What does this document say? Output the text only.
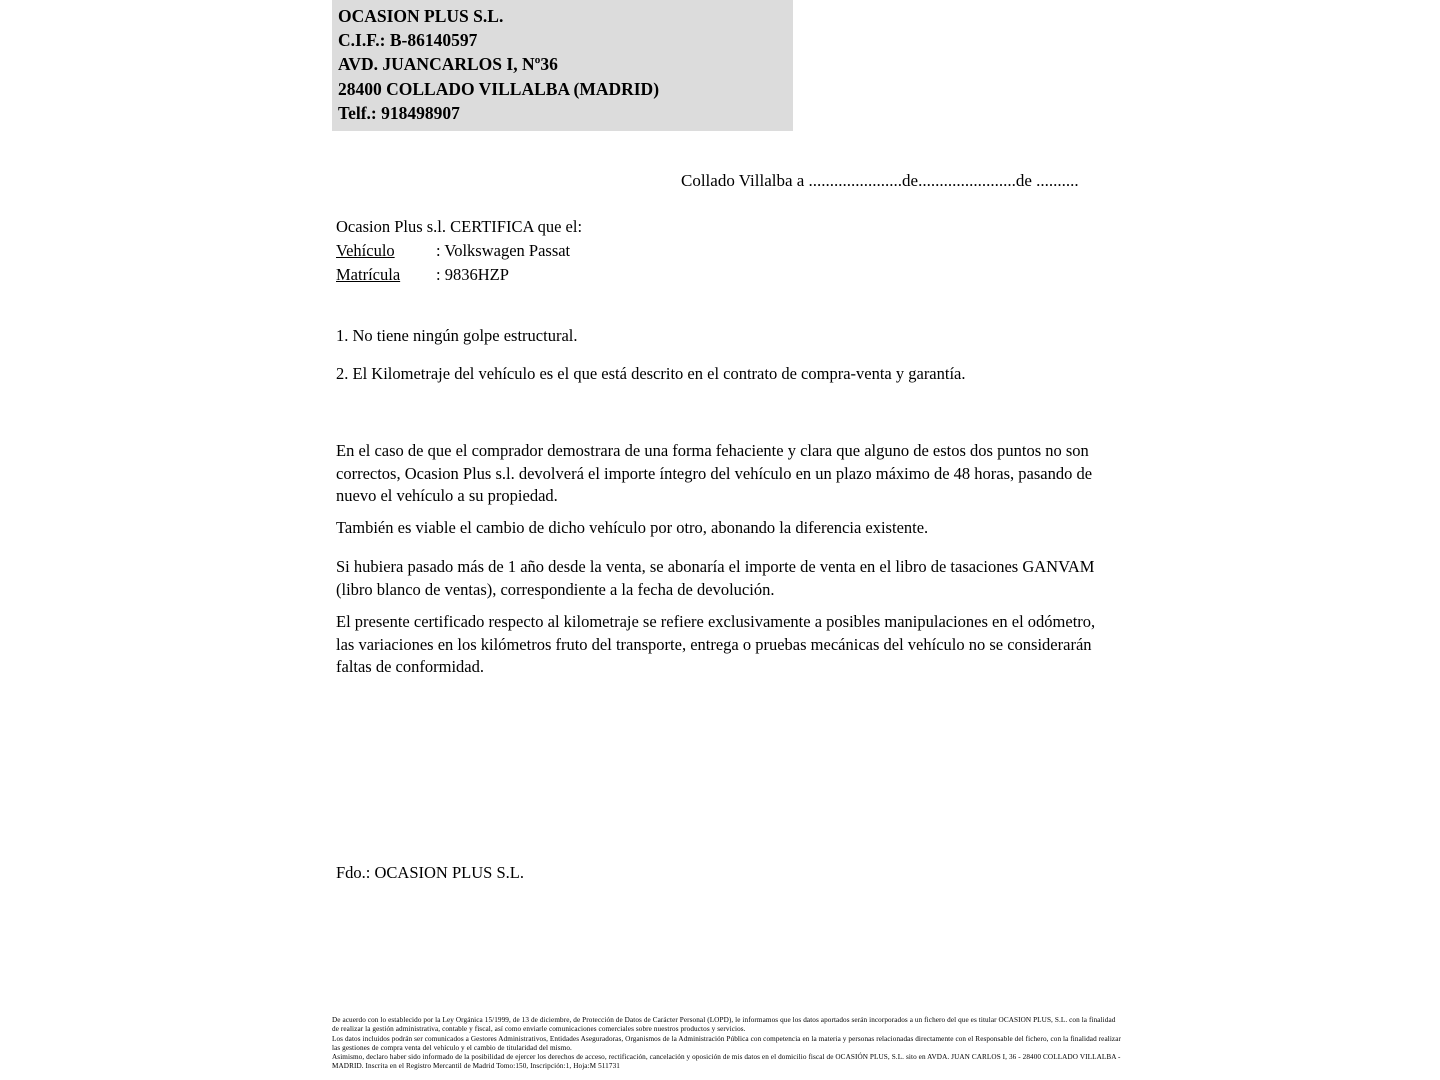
OCASION PLUS S.L.
C.I.F.: B-86140597
AVD. JUANCARLOS I, Nº36
28400 COLLADO VILLALBA (MADRID)
Telf.: 918498907
Collado Villalba a ......................de.......................de ..........
Ocasion Plus s.l. CERTIFICA que el:
Vehículo	: Volkswagen Passat
Matrícula	: 9836HZP
1. No tiene ningún golpe estructural.
2. El Kilometraje del vehículo es el que está descrito en el contrato de compra-venta y garantía.
En el caso de que el comprador demostrara de una forma fehaciente y clara que alguno de estos dos puntos no son correctos, Ocasion Plus s.l. devolverá el importe íntegro del vehículo en un plazo máximo de 48 horas, pasando de nuevo el vehículo a su propiedad.
También es viable el cambio de dicho vehículo por otro, abonando la diferencia existente.
Si hubiera pasado más de 1 año desde la venta, se abonaría el importe de venta en el libro de tasaciones GANVAM (libro blanco de ventas), correspondiente a la fecha de devolución.
El presente certificado respecto al kilometraje se refiere exclusivamente a posibles manipulaciones en el odómetro, las variaciones en los kilómetros fruto del transporte, entrega o pruebas mecánicas del vehículo no se considerarán faltas de conformidad.
Fdo.: OCASION PLUS S.L.

De acuerdo con lo establecido por la Ley Orgánica 15/1999, de 13 de diciembre, de Protección de Datos de Carácter Personal (LOPD), le informamos que los datos aportados serán incorporados a un fichero del que es titular OCASION PLUS, S.L. con la finalidad de realizar la gestión administrativa, contable y fiscal, así como enviarle comunicaciones comerciales sobre nuestros productos y servicios.

Los datos incluidos podrán ser comunicados a Gestores Administrativos, Entidades Aseguradoras, Organismos de la Administración Pública con competencia en la materia y personas relacionadas directamente con el Responsable del fichero, con la finalidad realizar las gestiones de compra venta del vehículo y el cambio de titularidad del mismo.

Asimismo, declaro haber sido informado de la posibilidad de ejercer los derechos de acceso, rectificación, cancelación y oposición de mis datos en el domicilio fiscal de OCASIÓN PLUS, S.L. sito en AVDA. JUAN CARLOS I, 36 - 28400 COLLADO VILLALBA - MADRID. Inscrita en el Registro Mercantil de Madrid Tomo:150, Inscripción:1, Hoja:M 511731
